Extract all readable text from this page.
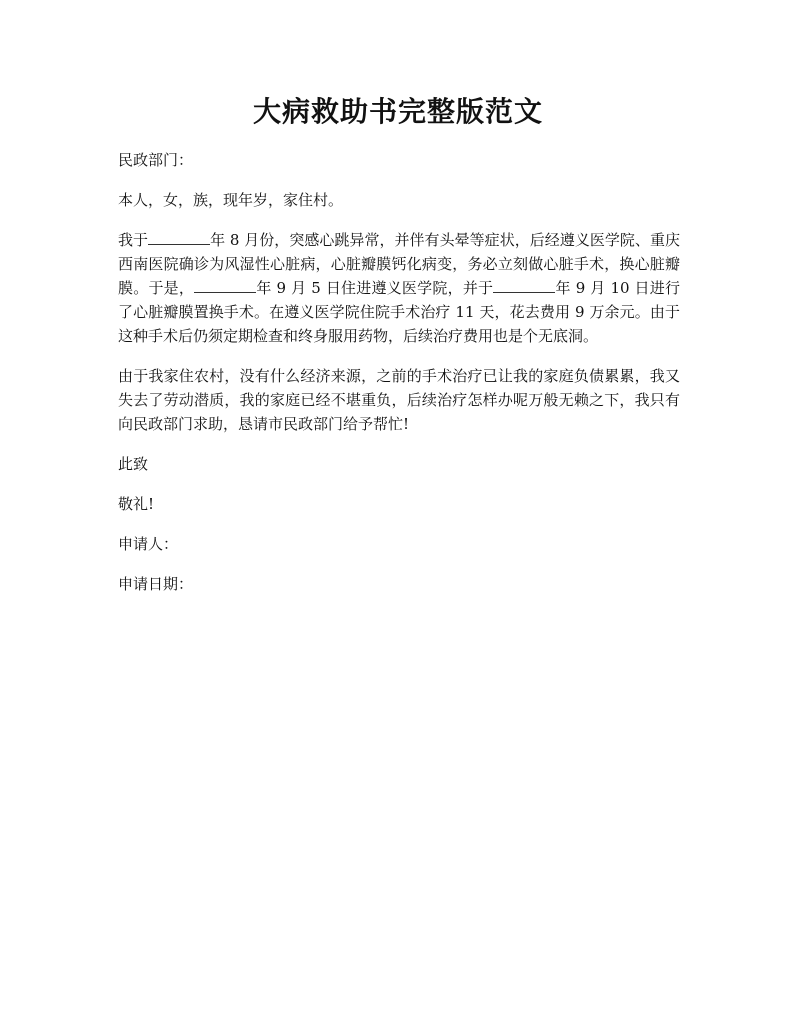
大病救助书完整版范文

民政部门：

本人，女，族，现年岁，家住村。

我于	年 8 月份，突感心跳异常，并伴有头晕等症状，后经遵义医学院、重庆西南医院确诊为风湿性心脏病，心脏瓣膜钙化病变，务必立刻做心脏手术，换心脏瓣膜。于是，	年 9 月 5 日住进遵义医学院，并于	年 9 月 10 日进行了心脏瓣膜置换手术。在遵义医学院住院手术治疗 11 天，花去费用 9 万余元。由于这种手术后仍须定期检查和终身服用药物，后续治疗费用也是个无底洞。

由于我家住农村，没有什么经济来源，之前的手术治疗已让我的家庭负债累累，我又失去了劳动潜质，我的家庭已经不堪重负，后续治疗怎样办呢万般无赖之下，我只有向民政部门求助，恳请市民政部门给予帮忙!

此致

敬礼!

申请人：

申请日期：
